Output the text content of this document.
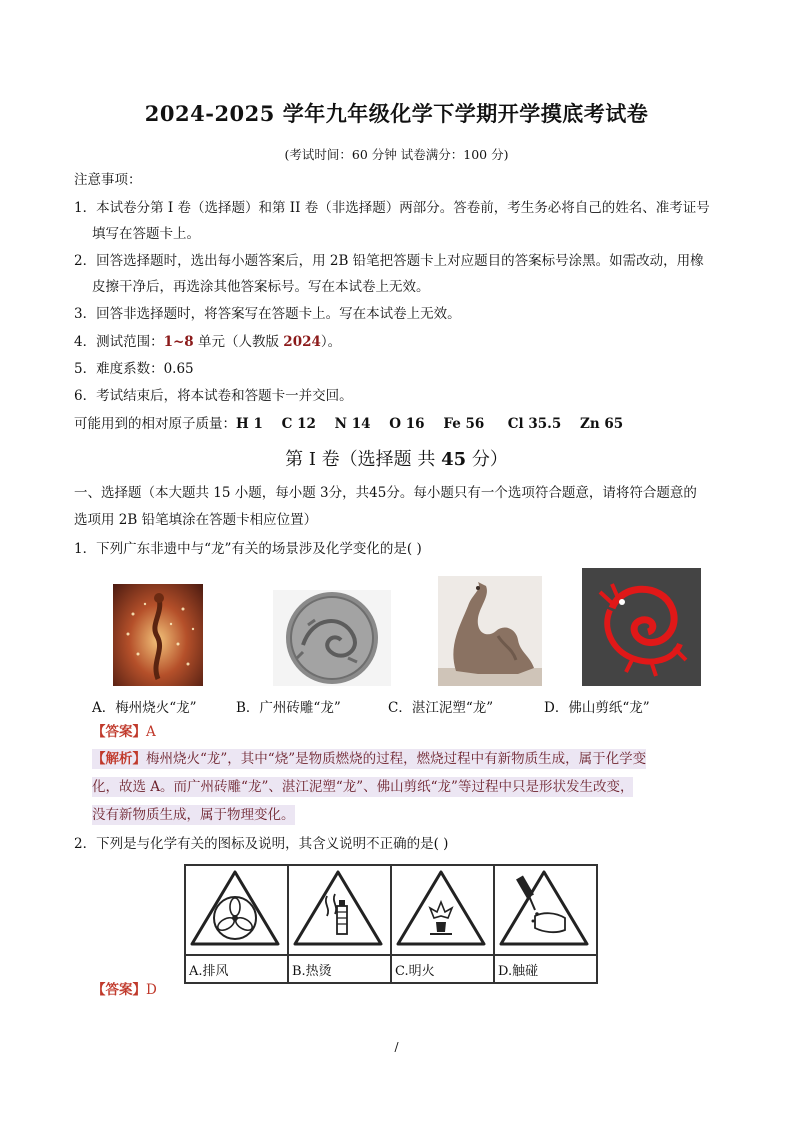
2024-2025 学年九年级化学下学期开学摸底考试卷
(考试时间：60 分钟 试卷满分：100 分)
注意事项：
1．本试卷分第 I 卷（选择题）和第 II 卷（非选择题）两部分。答卷前，考生务必将自己的姓名、准考证号
填写在答题卡上。
2．回答选择题时，选出每小题答案后，用 2B 铅笔把答题卡上对应题目的答案标号涂黑。如需改动，用橡
皮擦干净后，再选涂其他答案标号。写在本试卷上无效。
3．回答非选择题时，将答案写在答题卡上。写在本试卷上无效。
4．测试范围：1~8 单元（人教版 2024）。
5．难度系数：0.65
6．考试结束后，将本试卷和答题卡一并交回。
可能用到的相对原子质量：H 1    C 12    N 14    O 16    Fe 56     Cl 35.5    Zn 65
第 I 卷（选择题 共 45 分）
一、选择题（本大题共 15 小题，每小题 3分，共45分。每小题只有一个选项符合题意，请将符合题意的
选项用 2B 铅笔填涂在答题卡相应位置）
1．下列广东非遗中与“龙”有关的场景涉及化学变化的是( )
A．梅州烧火“龙”	B．广州砖雕“龙”	C．湛江泥塑“龙”	D．佛山剪纸“龙”
【答案】A
【解析】梅州烧火“龙”，其中“烧”是物质燃烧的过程，燃烧过程中有新物质生成，属于化学变
化，故选 A。而广州砖雕“龙”、湛江泥塑“龙”、佛山剪纸“龙”等过程中只是形状发生改变，
没有新物质生成，属于物理变化。
2．下列是与化学有关的图标及说明，其含义说明不正确的是( )

A.排风	B.热烫	C.明火	D.触碰
【答案】D
/
